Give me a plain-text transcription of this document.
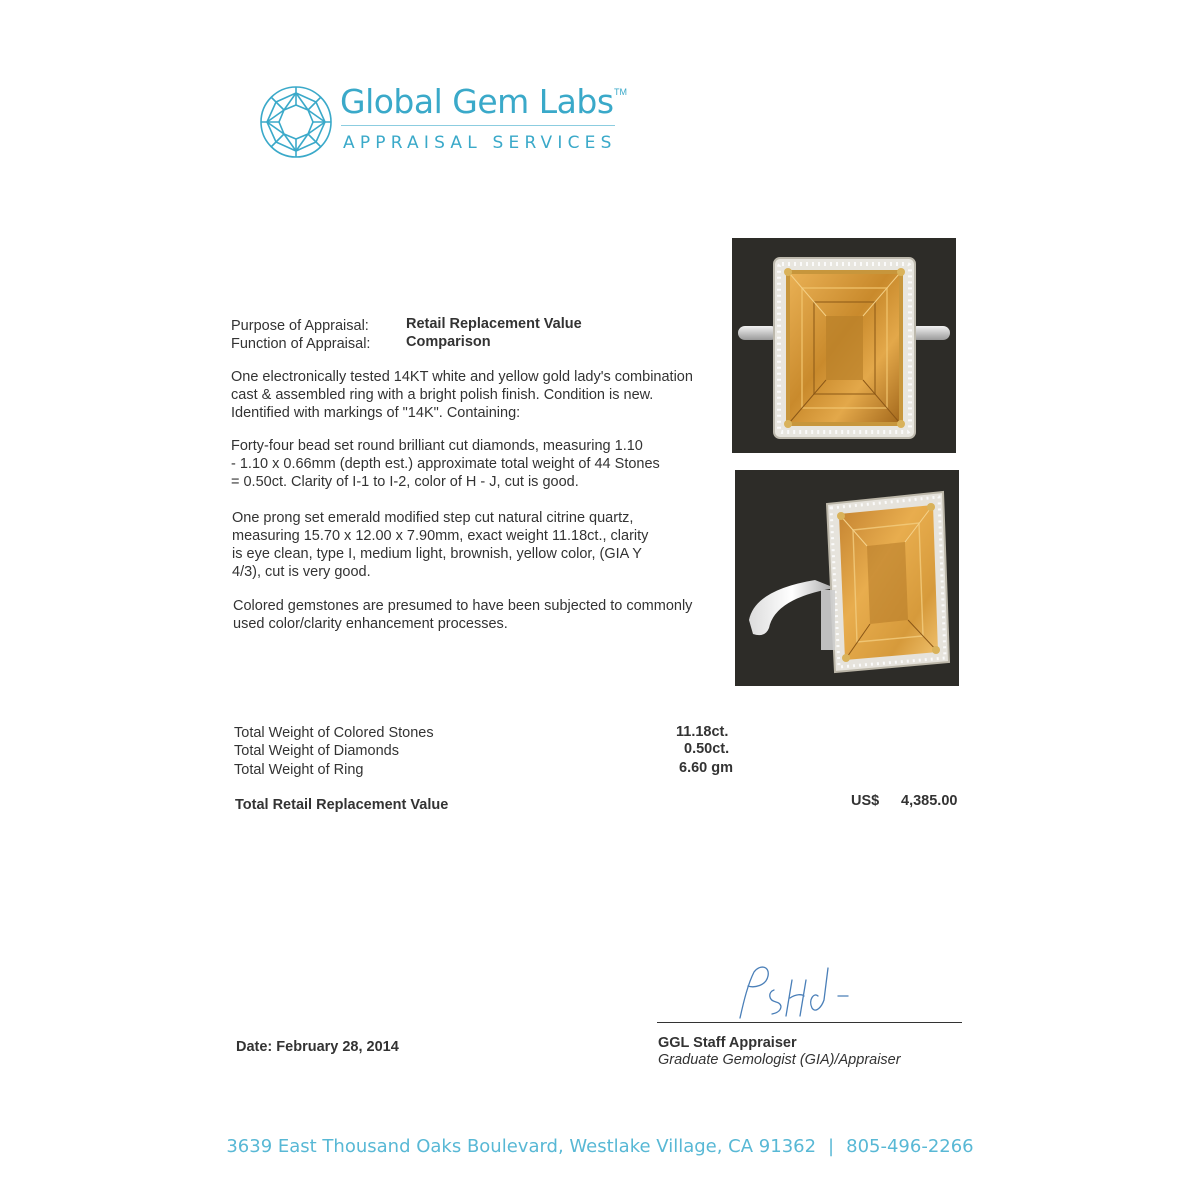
Global Gem Labs TM
APPRAISAL SERVICES
Purpose of Appraisal:	Retail Replacement Value
Function of Appraisal: Comparison
One electronically tested 14KT white and yellow gold lady's combination
cast & assembled ring with a bright polish finish. Condition is new.
Identified with markings of "14K". Containing:
Forty-four bead set round brilliant cut diamonds, measuring 1.10
- 1.10 x 0.66mm (depth est.) approximate total weight of 44 Stones
= 0.50ct. Clarity of I-1 to I-2, color of H - J, cut is good.
One prong set emerald modified step cut natural citrine quartz,
measuring 15.70 x 12.00 x 7.90mm, exact weight 11.18ct., clarity
is eye clean, type I, medium light, brownish, yellow color, (GIA Y
4/3), cut is very good.
Colored gemstones are presumed to have been subjected to commonly
used color/clarity enhancement processes.
Total Weight of Colored Stones	11.18ct.
Total Weight of Diamonds	0.50ct.
Total Weight of Ring	6.60 gm
Total Retail Replacement Value	US$ 4,385.00
Date: February 28, 2014	GGL Staff Appraiser
Graduate Gemologist (GIA)/Appraiser
3639 East Thousand Oaks Boulevard, Westlake Village, CA 91362 | 805-496-2266
